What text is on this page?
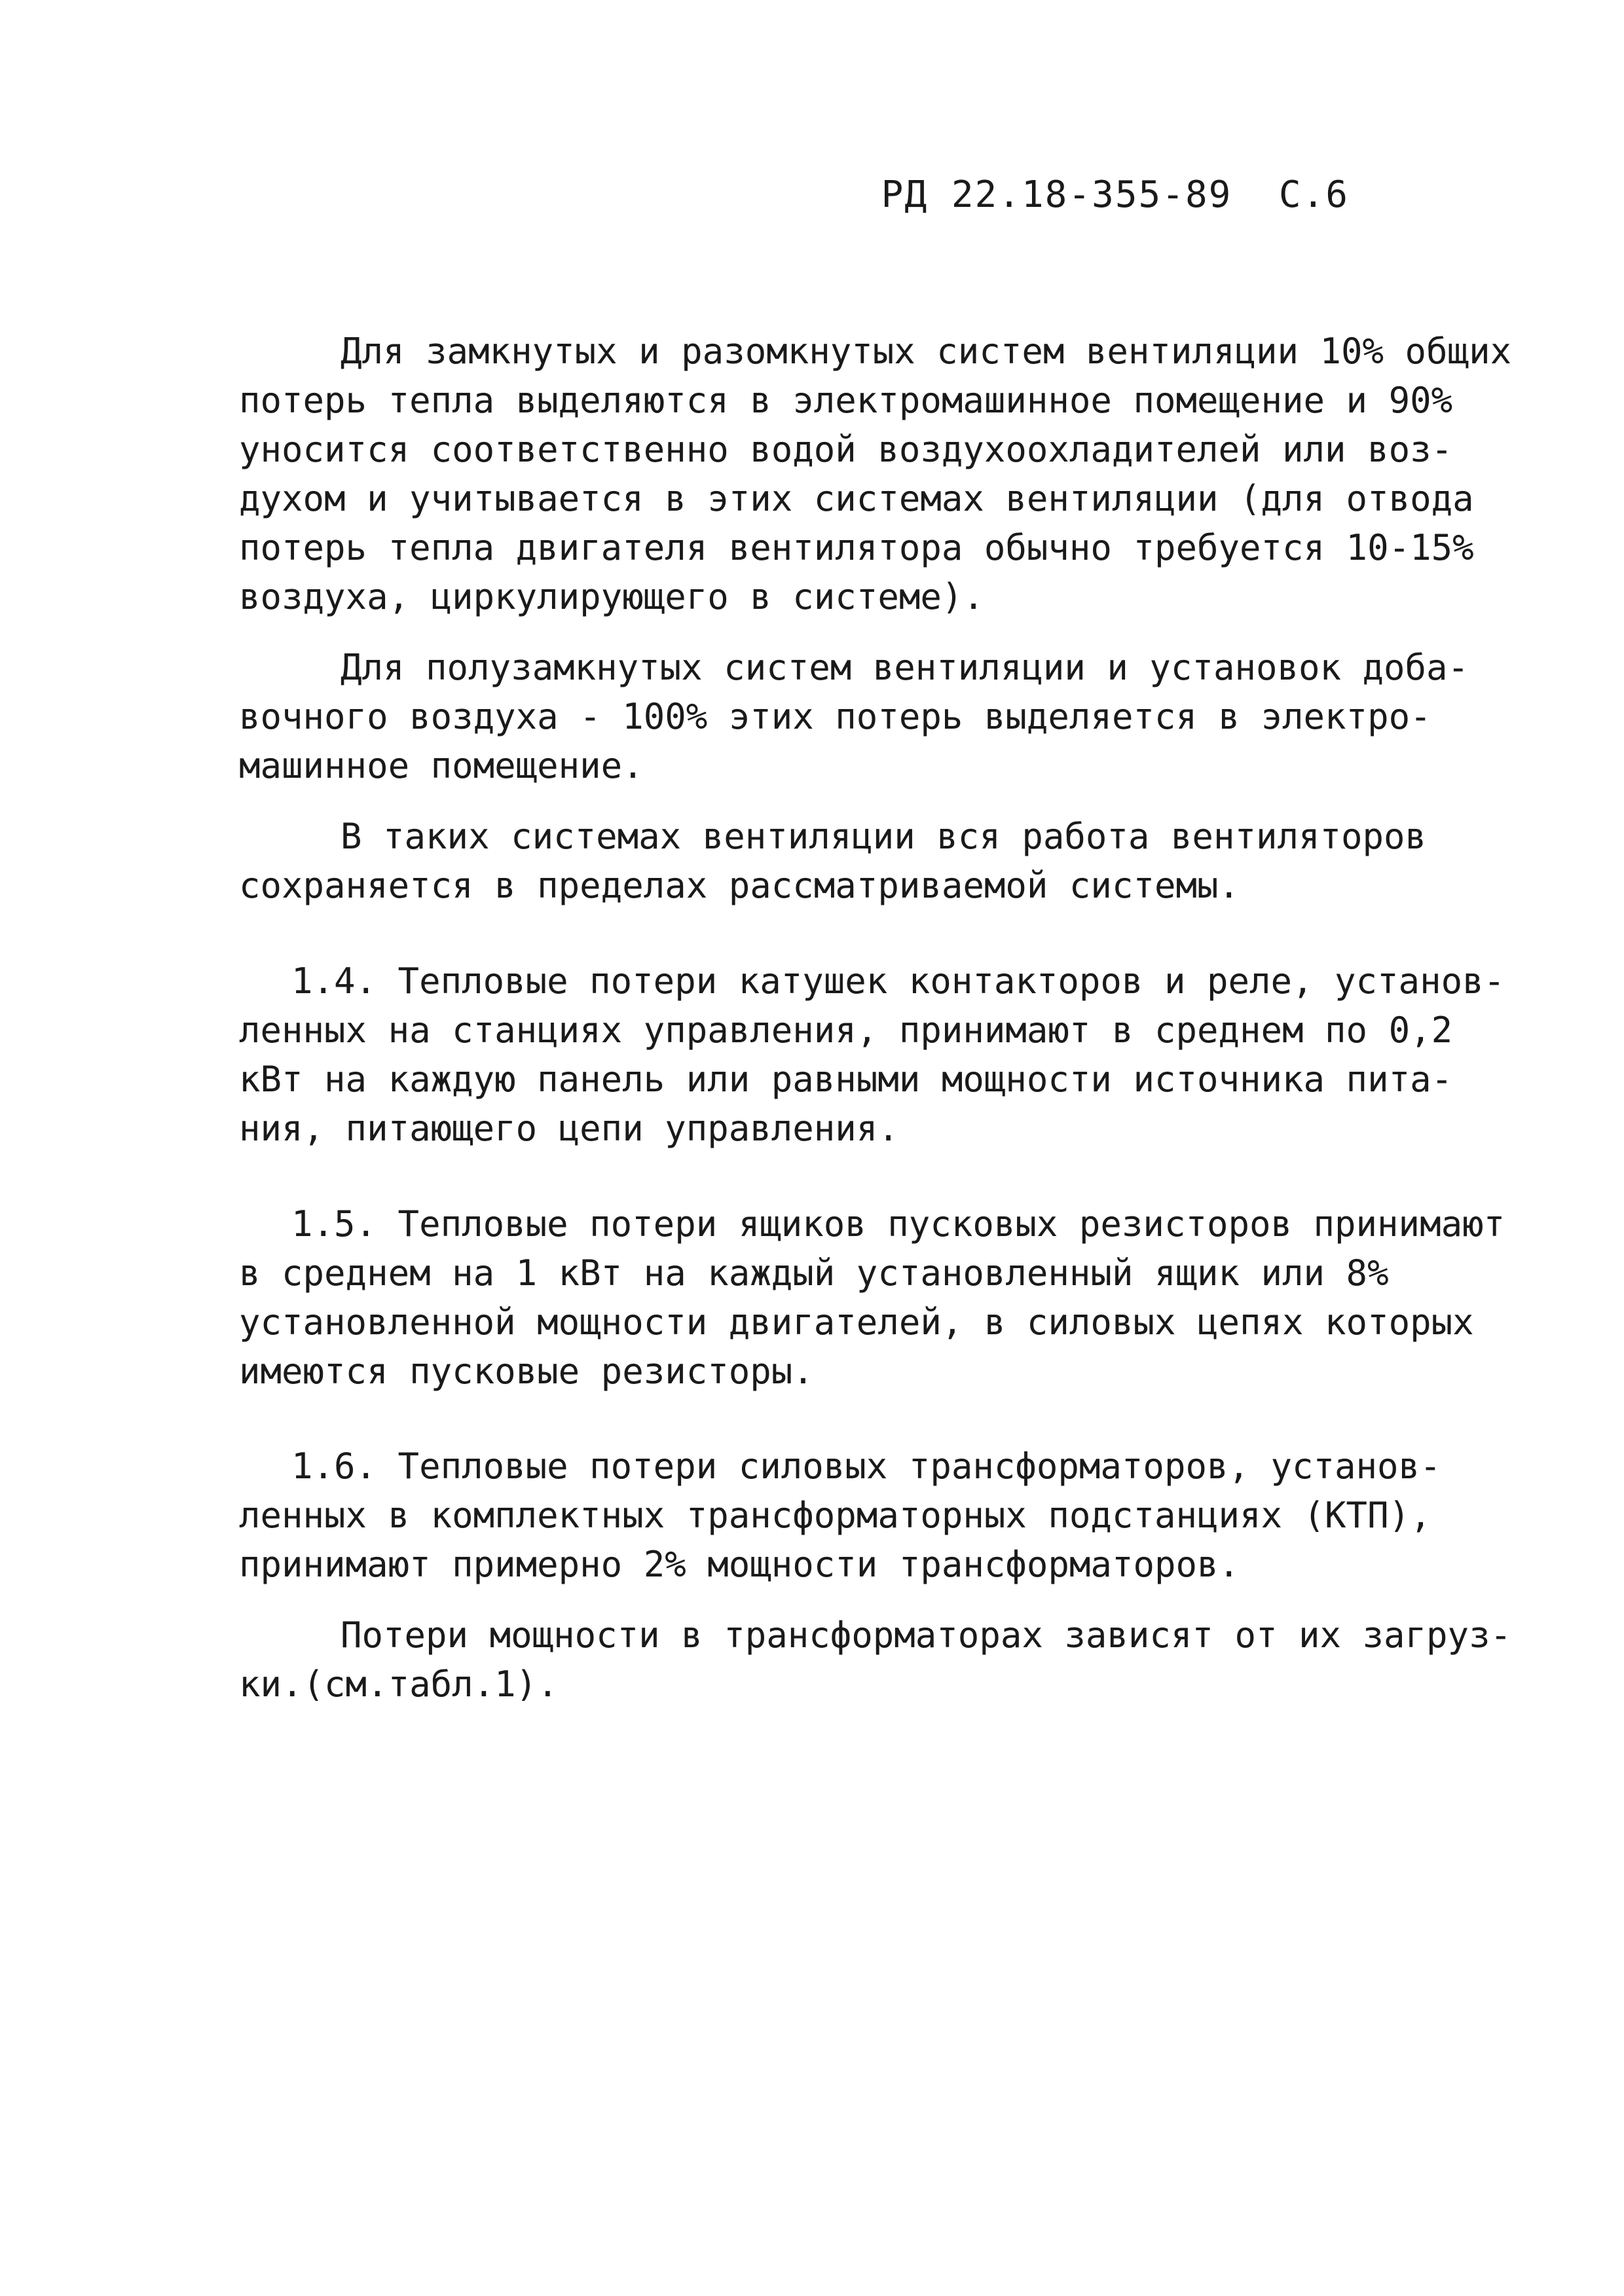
РД 22.18-355-89 С.6
Для замкнутых и разомкнутых систем вентиляции 10% общих
потерь тепла выделяются в электромашинное помещение и 90%
уносится соответственно водой воздухоохладителей или воз-
духом и учитывается в этих системах вентиляции (для отвода
потерь тепла двигателя вентилятора обычно требуется 10-15%
воздуха, циркулирующего в системе).
Для полузамкнутых систем вентиляции и установок доба-
вочного воздуха - 100% этих потерь выделяется в электро-
машинное помещение.
В таких системах вентиляции вся работа вентиляторов
сохраняется в пределах рассматриваемой системы.
1.4. Тепловые потери катушек контакторов и реле, установ-
ленных на станциях управления, принимают в среднем по 0,2
кВт на каждую панель или равными мощности источника пита-
ния, питающего цепи управления.
1.5. Тепловые потери ящиков пусковых резисторов принимают
в среднем на 1 кВт на каждый установленный ящик или 8%
установленной мощности двигателей, в силовых цепях которых
имеются пусковые резисторы.
1.6. Тепловые потери силовых трансформаторов, установ-
ленных в комплектных трансформаторных подстанциях (КТП),
принимают примерно 2% мощности трансформаторов.
Потери мощности в трансформаторах зависят от их загруз-
ки.(см.табл.1).
